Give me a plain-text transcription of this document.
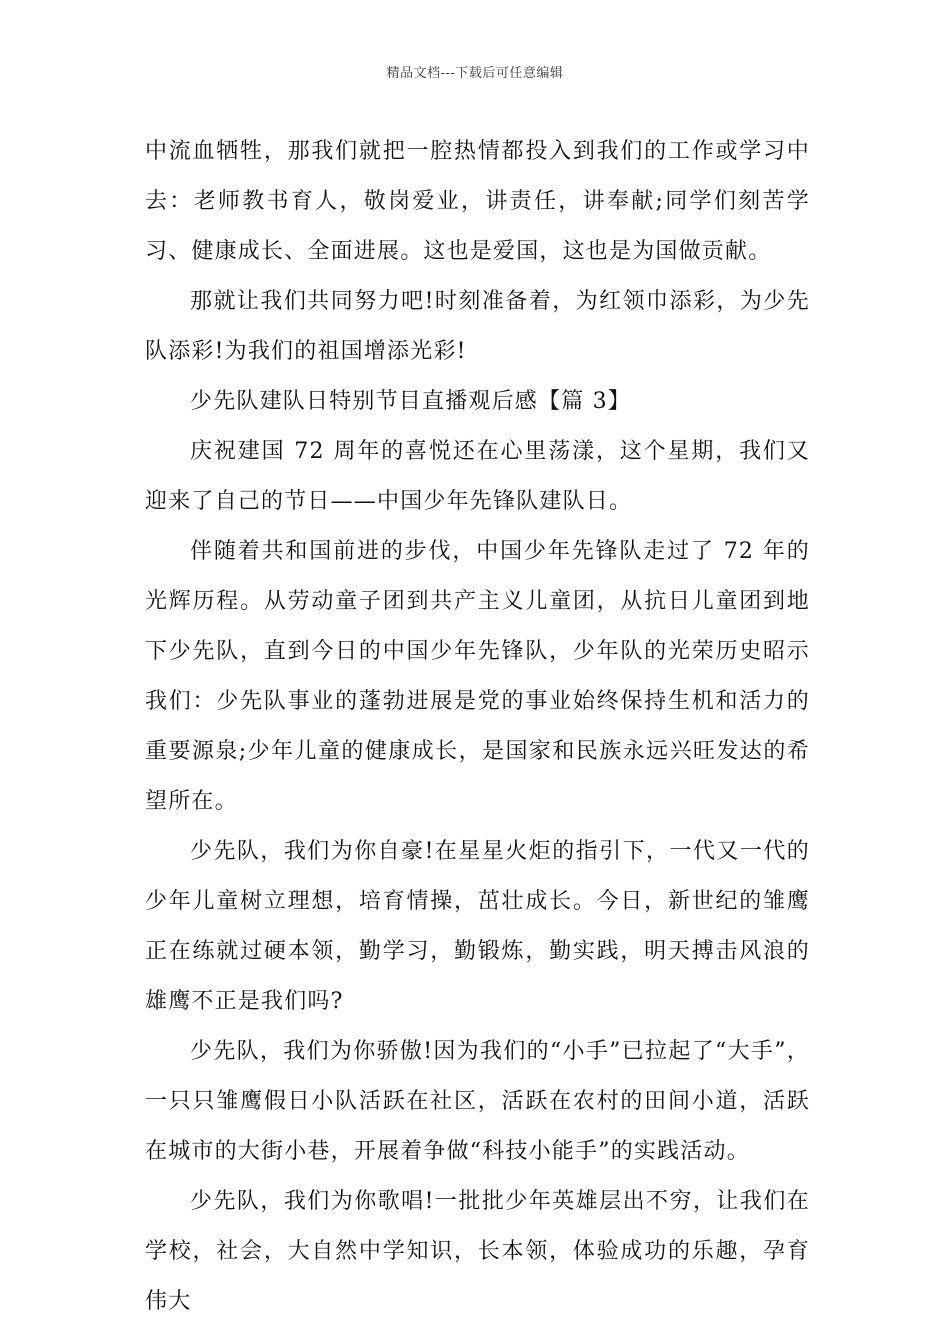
精品文档---下载后可任意编辑

中流血牺牲，那我们就把一腔热情都投入到我们的工作或学习中去：老师教书育人，敬岗爱业，讲责任，讲奉献;同学们刻苦学习、健康成长、全面进展。这也是爱国，这也是为国做贡献。

那就让我们共同努力吧!时刻准备着，为红领巾添彩，为少先队添彩!为我们的祖国增添光彩!

少先队建队日特别节目直播观后感【篇 3】

庆祝建国 72 周年的喜悦还在心里荡漾，这个星期，我们又迎来了自己的节日——中国少年先锋队建队日。

伴随着共和国前进的步伐，中国少年先锋队走过了 72 年的光辉历程。从劳动童子团到共产主义儿童团，从抗日儿童团到地下少先队，直到今日的中国少年先锋队，少年队的光荣历史昭示我们：少先队事业的蓬勃进展是党的事业始终保持生机和活力的重要源泉;少年儿童的健康成长，是国家和民族永远兴旺发达的希望所在。

少先队，我们为你自豪!在星星火炬的指引下，一代又一代的少年儿童树立理想，培育情操，茁壮成长。今日，新世纪的雏鹰正在练就过硬本领，勤学习，勤锻炼，勤实践，明天搏击风浪的雄鹰不正是我们吗?

少先队，我们为你骄傲!因为我们的“小手”已拉起了“大手”，一只只雏鹰假日小队活跃在社区，活跃在农村的田间小道，活跃在城市的大街小巷，开展着争做“科技小能手”的实践活动。

少先队，我们为你歌唱!一批批少年英雄层出不穷，让我们在学校，社会，大自然中学知识，长本领，体验成功的乐趣，孕育伟大
